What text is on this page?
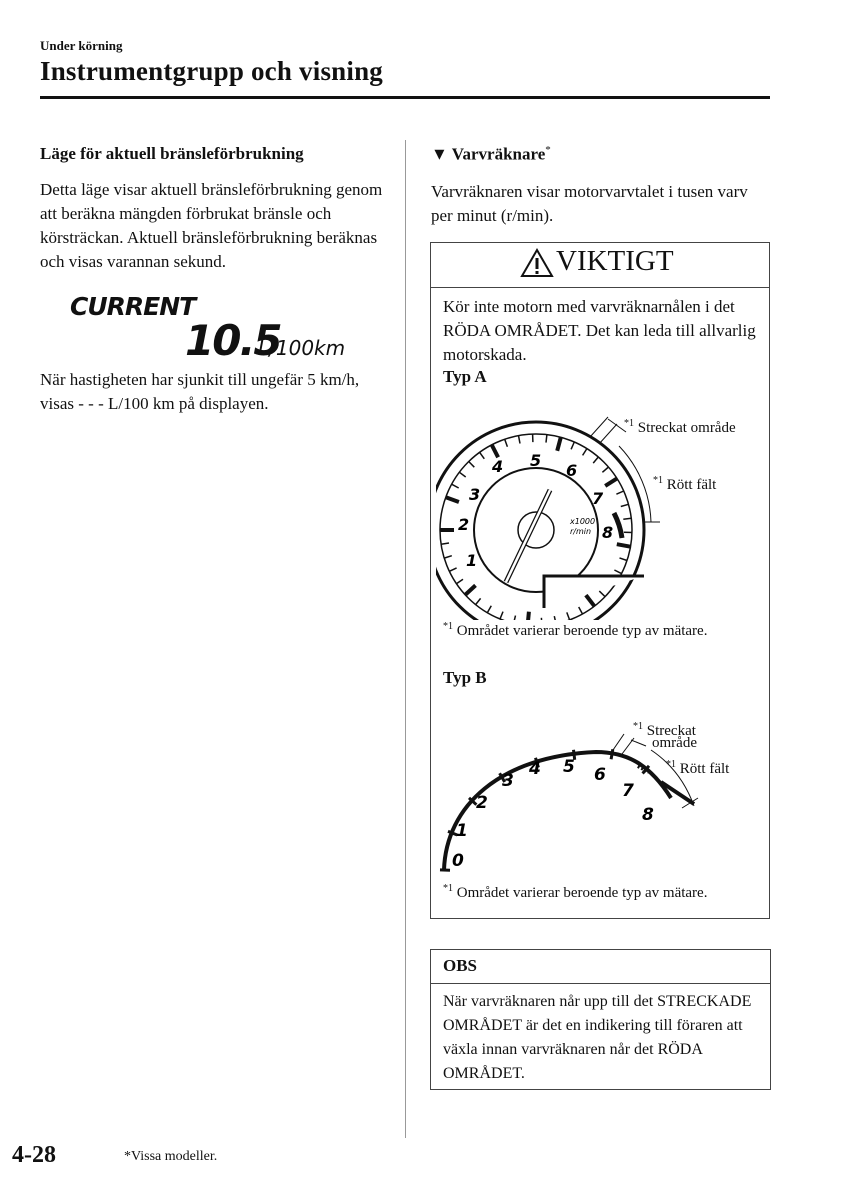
Under körning
Instrumentgrupp och visning
Läge för aktuell bränsleförbrukning
Detta läge visar aktuell bränsleförbrukning genom att beräkna mängden förbrukat bränsle och körsträckan. Aktuell bränsleförbrukning beräknas och visas varannan sekund.
CURRENT
10.5
L/100km
När hastigheten har sjunkit till ungefär 5 km/h, visas - - - L/100 km på displayen.
▼ Varvräknare*
Varvräknaren visar motorvarvtalet i tusen varv per minut (r/min).
VIKTIGT
Kör inte motorn med varvräknarnålen i det RÖDA OMRÅDET. Det kan leda till allvarlig motorskada.
Typ A
x1000
r/min
1
2
3
4 5
6
7
8
$^{*1}$ Streckat område
$^{*1}$ Rött fält
$^{*1}$ Området varierar beroende typ av mätare.
Typ B
0
1
2
3
4 5 6
7
8
$^{*1}$ Streckat
område
$^{*1}$ Rött fält
$^{*1}$ Området varierar beroende typ av mätare.
OBS
När varvräknaren når upp till det STRECKADE OMRÅDET är det en indikering till föraren att växla innan varvräknaren når det RÖDA OMRÅDET.
4-28	*Vissa modeller.
